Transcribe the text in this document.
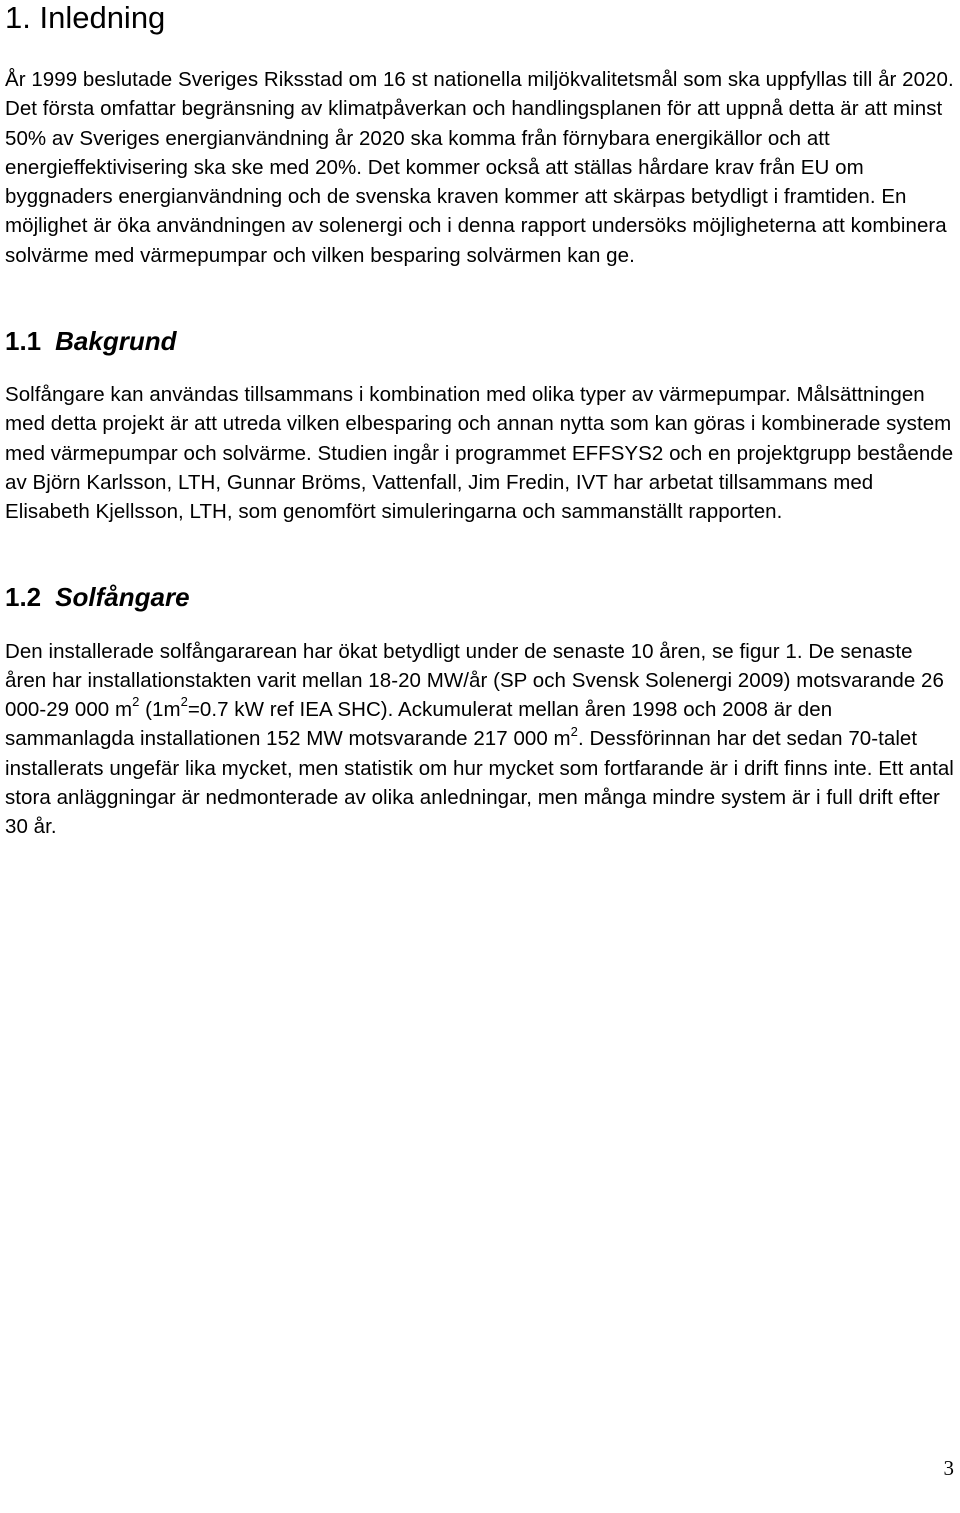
1. Inledning

År 1999 beslutade Sveriges Riksstad om 16 st nationella miljökvalitetsmål som ska uppfyllas till år 2020. Det första omfattar begränsning av klimatpåverkan och handlingsplanen för att uppnå detta är att minst 50% av Sveriges energianvändning år 2020 ska komma från förnybara energikällor och att energieffektivisering ska ske med 20%. Det kommer också att ställas hårdare krav från EU om byggnaders energianvändning och de svenska kraven kommer att skärpas betydligt i framtiden. En möjlighet är öka användningen av solenergi och i denna rapport undersöks möjligheterna att kombinera solvärme med värmepumpar och vilken besparing solvärmen kan ge.

1.1 Bakgrund

Solfångare kan användas tillsammans i kombination med olika typer av värmepumpar. Målsättningen med detta projekt är att utreda vilken elbesparing och annan nytta som kan göras i kombinerade system med värmepumpar och solvärme. Studien ingår i programmet EFFSYS2 och en projektgrupp bestående av Björn Karlsson, LTH, Gunnar Bröms, Vattenfall, Jim Fredin, IVT har arbetat tillsammans med Elisabeth Kjellsson, LTH, som genomfört simuleringarna och sammanställt rapporten.

1.2 Solfångare

Den installerade solfångararean har ökat betydligt under de senaste 10 åren, se figur 1. De senaste åren har installationstakten varit mellan 18-20 MW/år (SP och Svensk Solenergi 2009) motsvarande 26 000-29 000 $m^2$ ($1m^2=0.7$ kW ref IEA SHC). Ackumulerat mellan åren 1998 och 2008 är den sammanlagda installationen 152 MW motsvarande 217 000 $m^2$. Dessförinnan har det sedan 70-talet installerats ungefär lika mycket, men statistik om hur mycket som fortfarande är i drift finns inte. Ett antal stora anläggningar är nedmonterade av olika anledningar, men många mindre system är i full drift efter 30 år.

3
